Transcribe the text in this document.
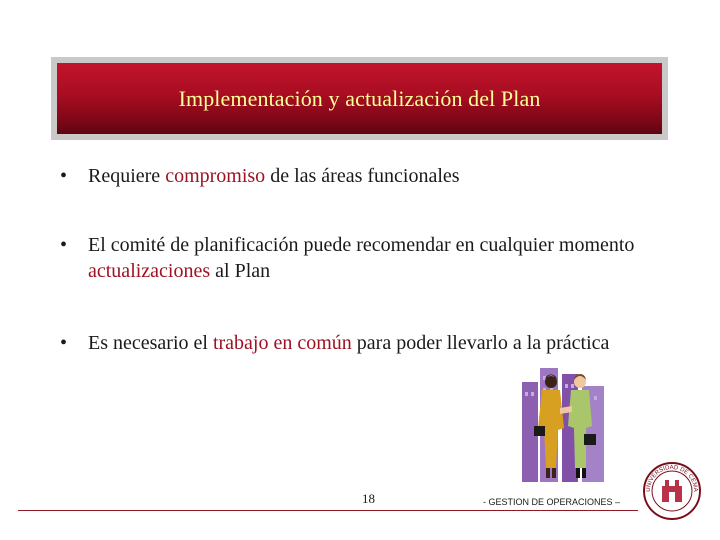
Implementación y actualización del Plan
•	Requiere compromiso de las áreas funcionales
•	El comité de planificación puede recomendar en cualquier momento actualizaciones al Plan
•	Es necesario el trabajo en común para poder llevarlo a la práctica
18	- GESTION DE OPERACIONES –
UNIVERSIDAD DE CEMA
